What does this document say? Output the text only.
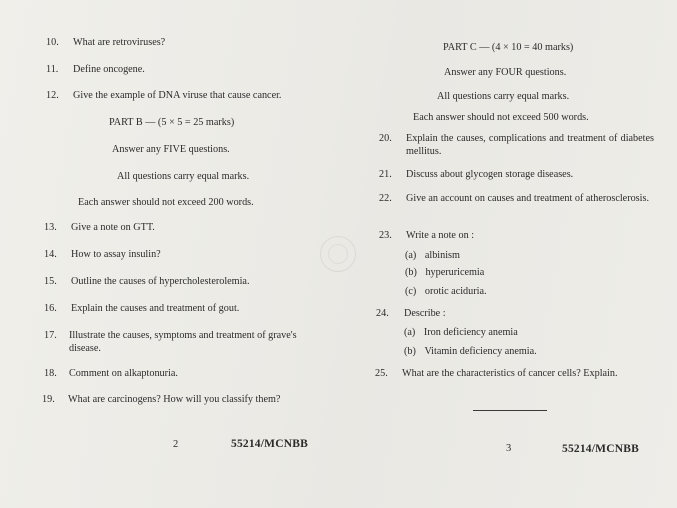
10. What are retroviruses?
11. Define oncogene.
12. Give the example of DNA viruse that cause cancer.
PART B — (5 × 5 = 25 marks)
Answer any FIVE questions.
All questions carry equal marks.
Each answer should not exceed 200 words.
13. Give a note on GTT.
14. How to assay insulin?
15. Outline the causes of hypercholesterolemia.
16. Explain the causes and treatment of gout.
17. Illustrate the causes, symptoms and treatment of grave's disease.
18. Comment on alkaptonuria.
19. What are carcinogens? How will you classify them?
2	55214/MCNBB
PART C — (4 × 10 = 40 marks)
Answer any FOUR questions.
All questions carry equal marks.
Each answer should not exceed 500 words.
20. Explain the causes, complications and treatment of diabetes mellitus.
21. Discuss about glycogen storage diseases.
22. Give an account on causes and treatment of atherosclerosis.
23. Write a note on :
(a) albinism
(b) hyperuricemia
(c) orotic aciduria.
24. Describe :
(a) Iron deficiency anemia
(b) Vitamin deficiency anemia.
25. What are the characteristics of cancer cells? Explain.
3	55214/MCNBB
